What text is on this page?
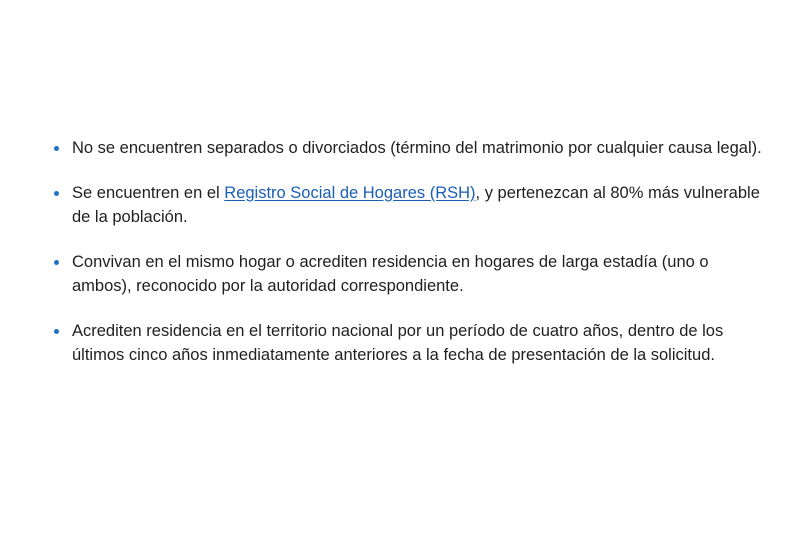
No se encuentren separados o divorciados (término del matrimonio por cualquier causa legal).
Se encuentren en el Registro Social de Hogares (RSH), y pertenezcan al 80% más vulnerable de la población.
Convivan en el mismo hogar o acrediten residencia en hogares de larga estadía (uno o ambos), reconocido por la autoridad correspondiente.
Acrediten residencia en el territorio nacional por un período de cuatro años, dentro de los últimos cinco años inmediatamente anteriores a la fecha de presentación de la solicitud.
